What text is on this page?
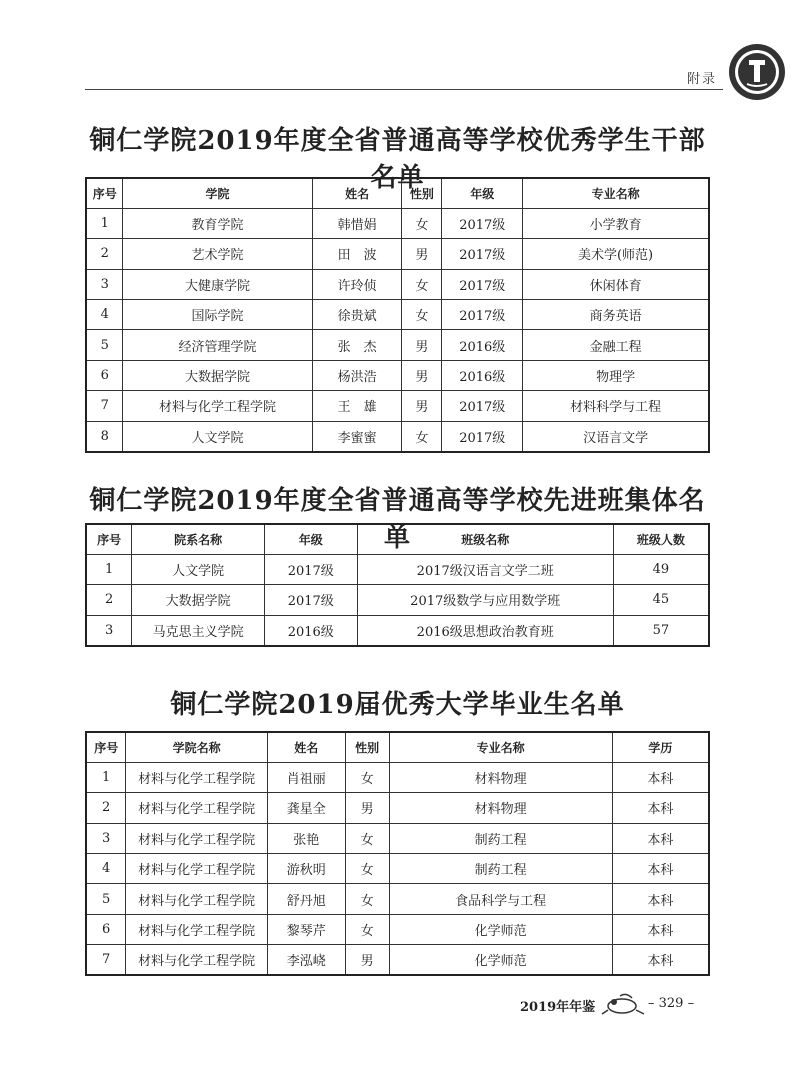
附录
铜仁学院2019年度全省普通高等学校优秀学生干部名单
序号	学院	姓名	性别	年级	专业名称
1	教育学院	韩惜娟	女	2017级	小学教育
2	艺术学院	田　波	男	2017级	美术学(师范)
3	大健康学院	许玲侦	女	2017级	休闲体育
4	国际学院	徐贵斌	女	2017级	商务英语
5	经济管理学院	张　杰	男	2016级	金融工程
6	大数据学院	杨洪浩	男	2016级	物理学
7	材料与化学工程学院	王　雄	男	2017级	材料科学与工程
8	人文学院	李蜜蜜	女	2017级	汉语言文学
铜仁学院2019年度全省普通高等学校先进班集体名单
序号	院系名称	年级	班级名称	班级人数
1	人文学院	2017级	2017级汉语言文学二班	49
2	大数据学院	2017级	2017级数学与应用数学班	45
3	马克思主义学院	2016级	2016级思想政治教育班	57
铜仁学院2019届优秀大学毕业生名单
序号	学院名称	姓名	性别	专业名称	学历
1	材料与化学工程学院	肖祖丽	女	材料物理	本科
2	材料与化学工程学院	龚星全	男	材料物理	本科
3	材料与化学工程学院	张艳	女	制药工程	本科
4	材料与化学工程学院	游秋明	女	制药工程	本科
5	材料与化学工程学院	舒丹旭	女	食品科学与工程	本科
6	材料与化学工程学院	黎琴芹	女	化学师范	本科
7	材料与化学工程学院	李泓峣	男	化学师范	本科
2019年年鉴	– 329 –
